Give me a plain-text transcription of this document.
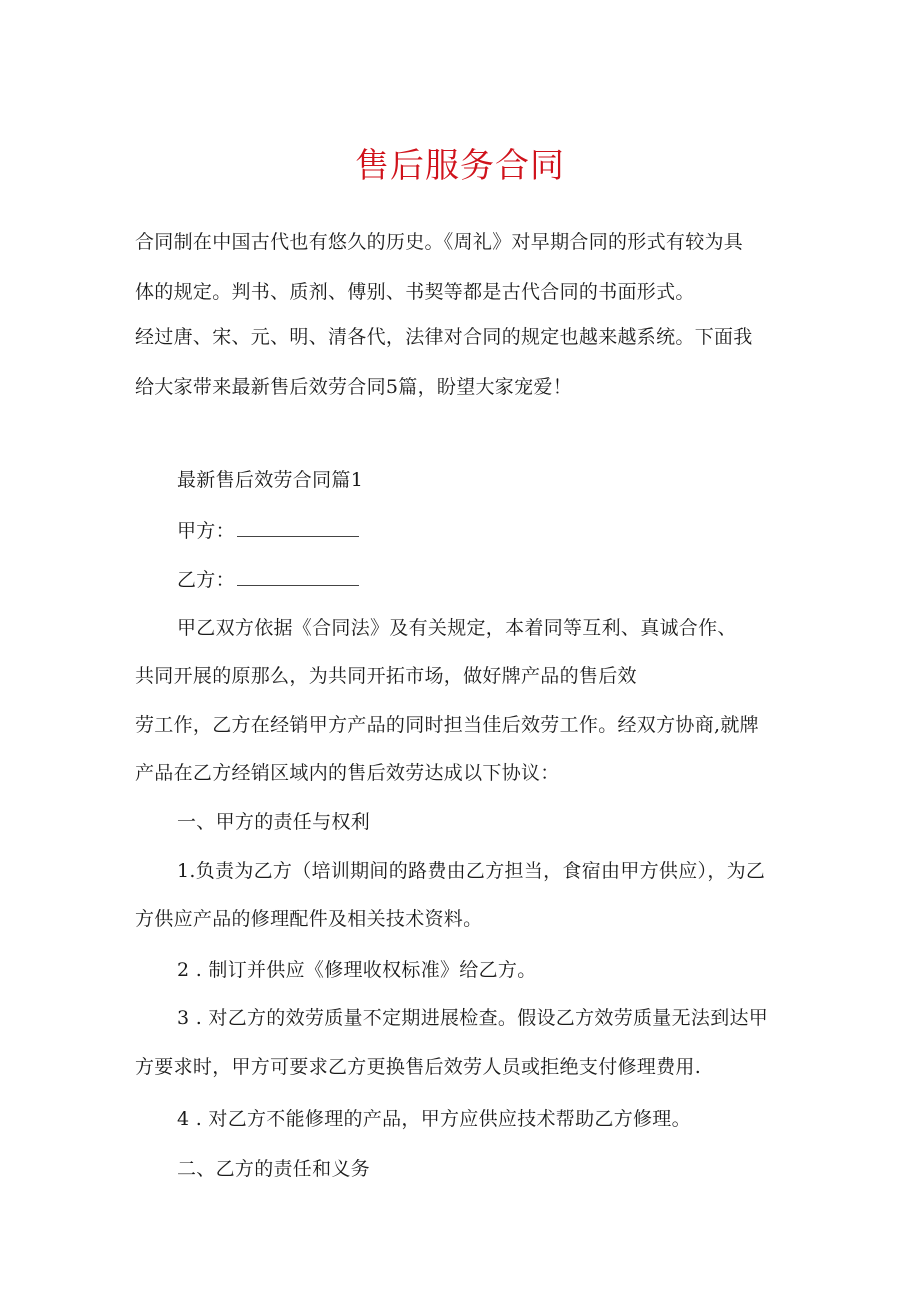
售后服务合同
合同制在中国古代也有悠久的历史。《周礼》对早期合同的形式有较为具
体的规定。判书、质剂、傅别、书契等都是古代合同的书面形式。
经过唐、宋、元、明、清各代，法律对合同的规定也越来越系统。下面我
给大家带来最新售后效劳合同5篇，盼望大家宠爱！
最新售后效劳合同篇1
甲方：
乙方：
甲乙双方依据《合同法》及有关规定，本着同等互利、真诚合作、
共同开展的原那么，为共同开拓市场，做好牌产品的售后效
劳工作，乙方在经销甲方产品的同时担当佳后效劳工作。经双方协商,就牌
产品在乙方经销区域内的售后效劳达成以下协议：
一、甲方的责任与权利
1.负责为乙方（培训期间的路费由乙方担当，食宿由甲方供应），为乙
方供应产品的修理配件及相关技术资料。
2 . 制订并供应《修理收权标准》给乙方。
3 . 对乙方的效劳质量不定期进展检查。假设乙方效劳质量无法到达甲
方要求时，甲方可要求乙方更换售后效劳人员或拒绝支付修理费用.
4 . 对乙方不能修理的产品，甲方应供应技术帮助乙方修理。
二、乙方的责任和义务
